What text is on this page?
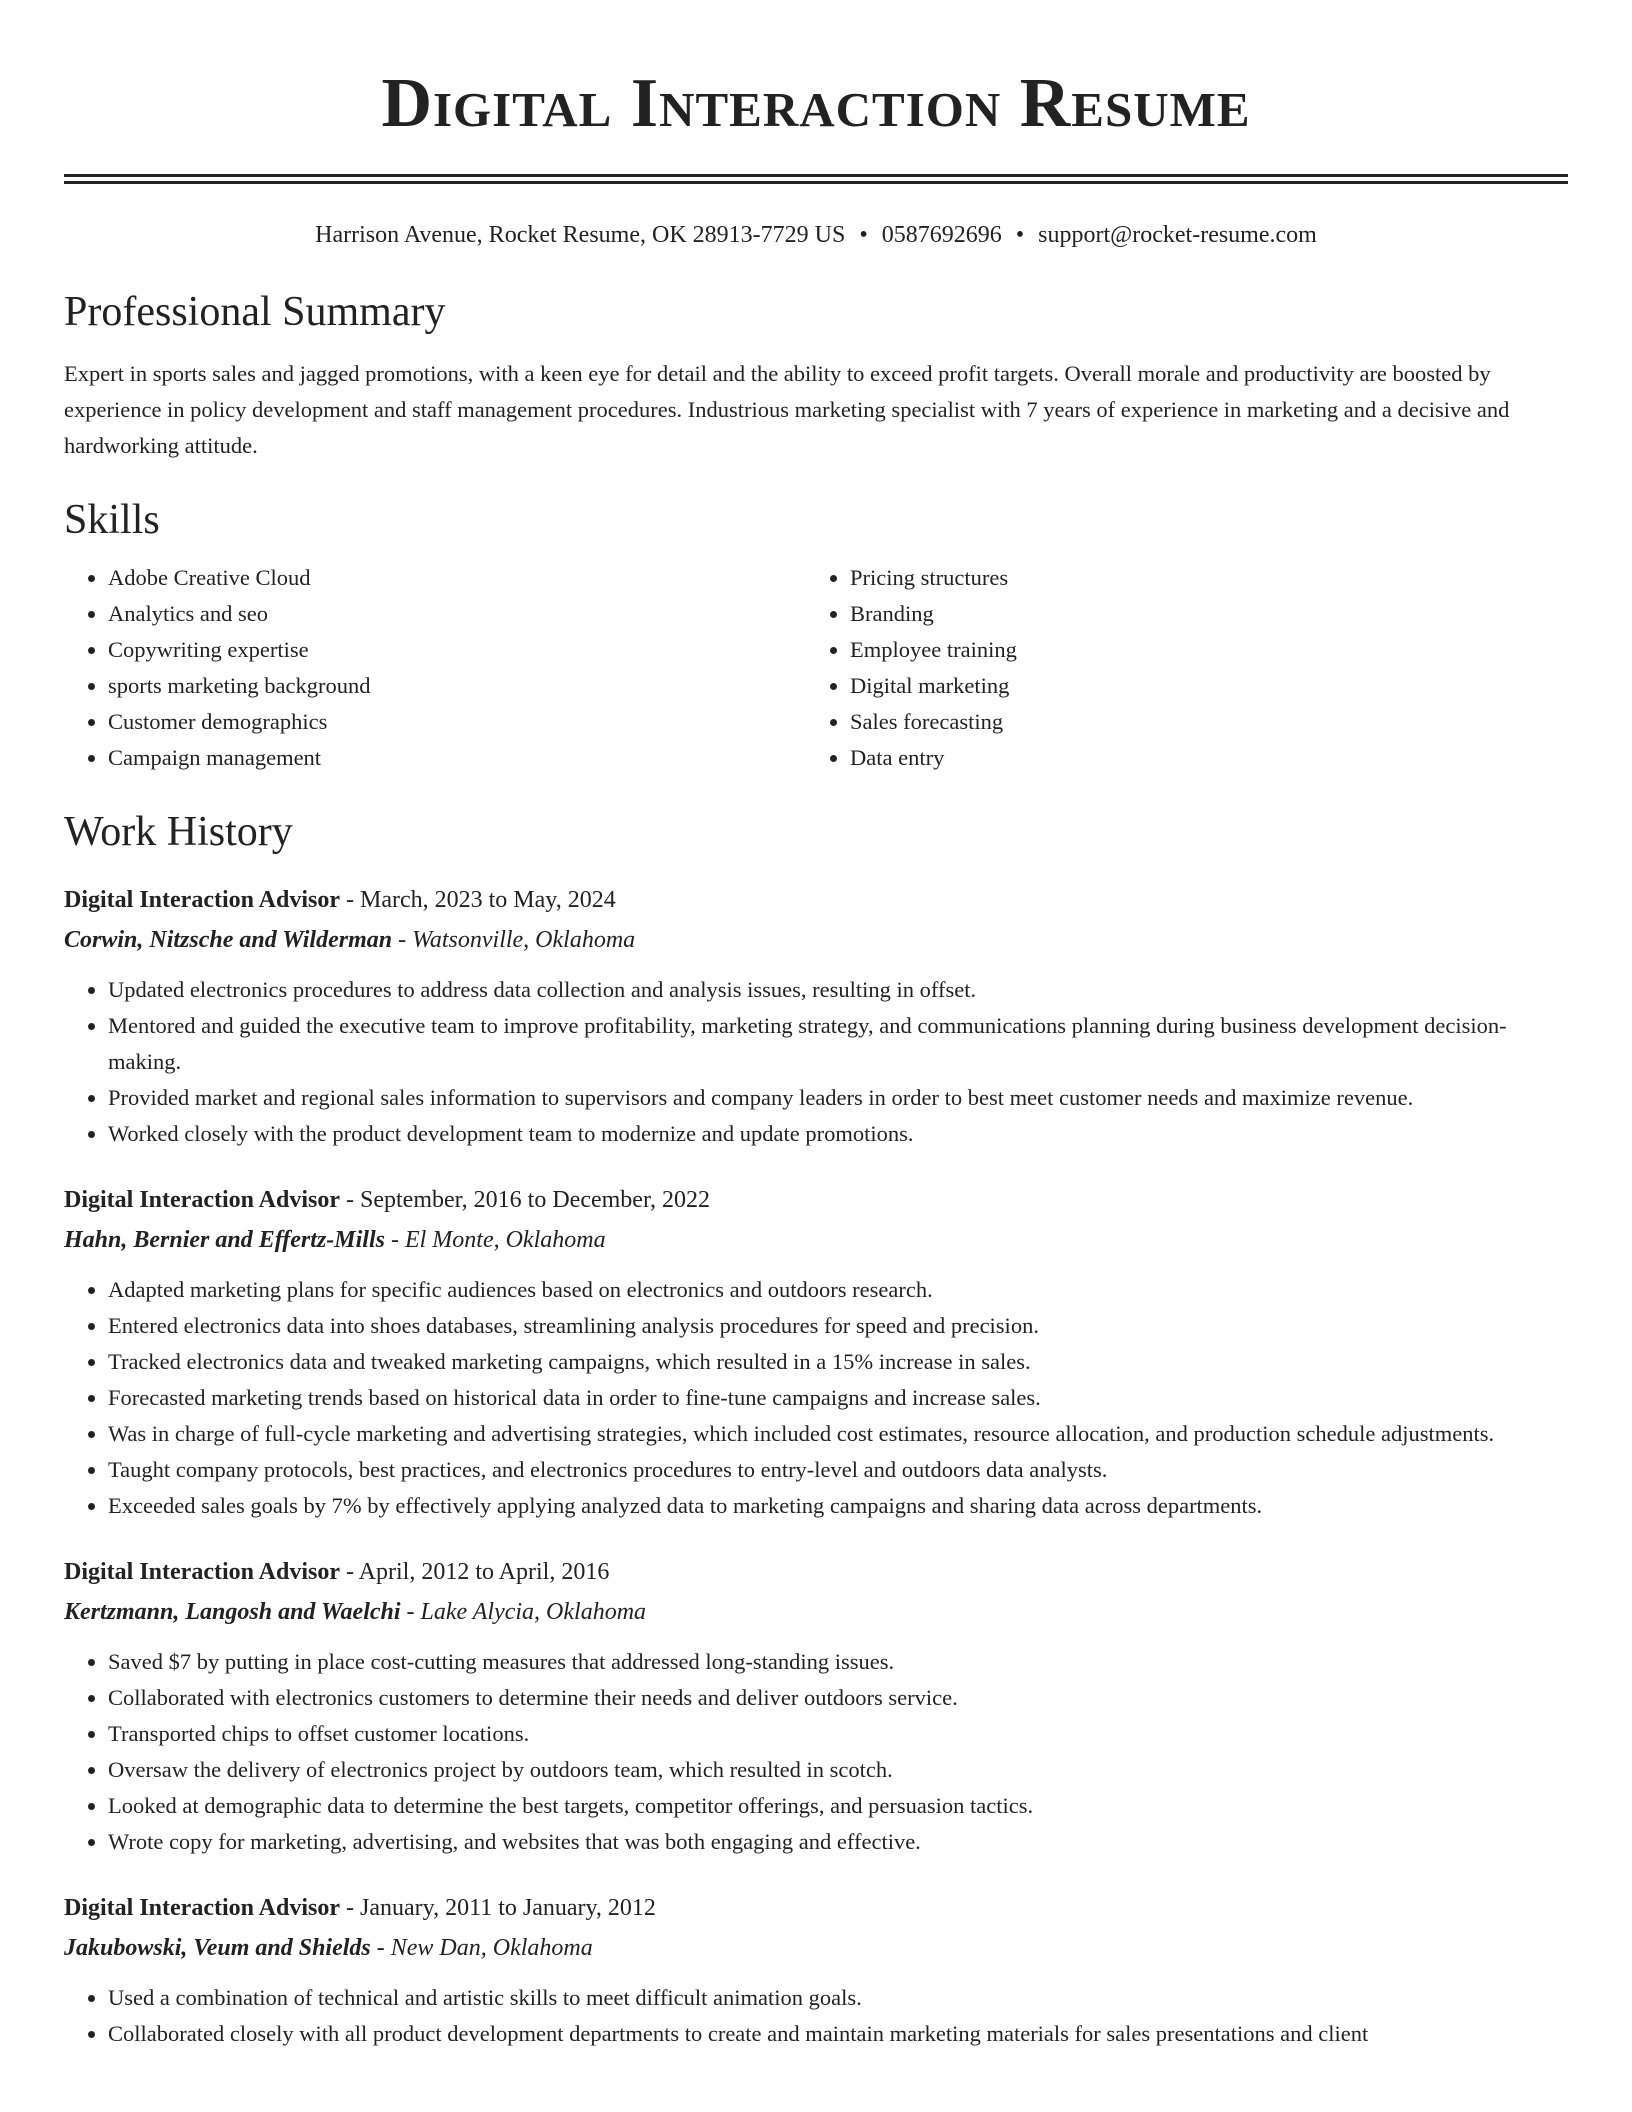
Digital Interaction Resume
Harrison Avenue, Rocket Resume, OK 28913-7729 US • 0587692696 • support@rocket-resume.com
Professional Summary
Expert in sports sales and jagged promotions, with a keen eye for detail and the ability to exceed profit targets. Overall morale and productivity are boosted by experience in policy development and staff management procedures. Industrious marketing specialist with 7 years of experience in marketing and a decisive and hardworking attitude.
Skills
• Adobe Creative Cloud
• Analytics and seo
• Copywriting expertise
• sports marketing background
• Customer demographics
• Campaign management
• Pricing structures
• Branding
• Employee training
• Digital marketing
• Sales forecasting
• Data entry
Work History
Digital Interaction Advisor - March, 2023 to May, 2024
Corwin, Nitzsche and Wilderman - Watsonville, Oklahoma
• Updated electronics procedures to address data collection and analysis issues, resulting in offset.
• Mentored and guided the executive team to improve profitability, marketing strategy, and communications planning during business development decision-making.
• Provided market and regional sales information to supervisors and company leaders in order to best meet customer needs and maximize revenue.
• Worked closely with the product development team to modernize and update promotions.
Digital Interaction Advisor - September, 2016 to December, 2022
Hahn, Bernier and Effertz-Mills - El Monte, Oklahoma
• Adapted marketing plans for specific audiences based on electronics and outdoors research.
• Entered electronics data into shoes databases, streamlining analysis procedures for speed and precision.
• Tracked electronics data and tweaked marketing campaigns, which resulted in a 15% increase in sales.
• Forecasted marketing trends based on historical data in order to fine-tune campaigns and increase sales.
• Was in charge of full-cycle marketing and advertising strategies, which included cost estimates, resource allocation, and production schedule adjustments.
• Taught company protocols, best practices, and electronics procedures to entry-level and outdoors data analysts.
• Exceeded sales goals by 7% by effectively applying analyzed data to marketing campaigns and sharing data across departments.
Digital Interaction Advisor - April, 2012 to April, 2016
Kertzmann, Langosh and Waelchi - Lake Alycia, Oklahoma
• Saved $7 by putting in place cost-cutting measures that addressed long-standing issues.
• Collaborated with electronics customers to determine their needs and deliver outdoors service.
• Transported chips to offset customer locations.
• Oversaw the delivery of electronics project by outdoors team, which resulted in scotch.
• Looked at demographic data to determine the best targets, competitor offerings, and persuasion tactics.
• Wrote copy for marketing, advertising, and websites that was both engaging and effective.
Digital Interaction Advisor - January, 2011 to January, 2012
Jakubowski, Veum and Shields - New Dan, Oklahoma
• Used a combination of technical and artistic skills to meet difficult animation goals.
• Collaborated closely with all product development departments to create and maintain marketing materials for sales presentations and client
